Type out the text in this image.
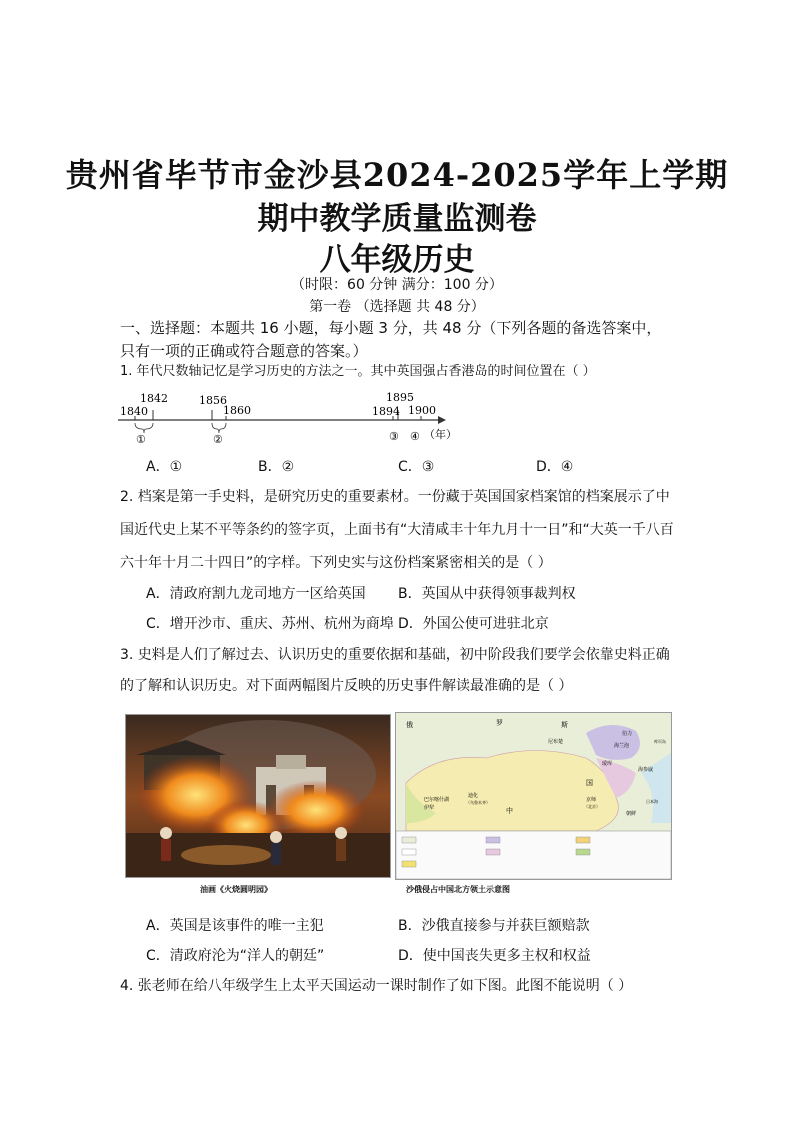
贵州省毕节市金沙县2024-2025学年上学期
期中教学质量监测卷
八年级历史
（时限：60 分钟 满分：100 分）
第一卷 （选择题 共 48 分）
一、选择题：本题共 16 小题，每小题 3 分，共 48 分（下列各题的备选答案中，
只有一项的正确或符合题意的答案。）
1. 年代尺数轴记忆是学习历史的方法之一。其中英国强占香港岛的时间位置在（ ）
1842	1856	1895
1840	1860	1894 1900
①	②	③ ④ （年）
A．①	B．②	C．③	D．④
2. 档案是第一手史料，是研究历史的重要素材。一份藏于英国国家档案馆的档案展示了中
国近代史上某不平等条约的签字页，上面书有“大清咸丰十年九月十一日”和“大英一千八百
六十年十月二十四日”的字样。下列史实与这份档案紧密相关的是（ ）
A．清政府割九龙司地方一区给英国 B．英国从中获得领事裁判权
C．增开沙市、重庆、苏州、杭州为商埠 D．外国公使可进驻北京
3. 史料是人们了解过去、认识历史的重要依据和基础，初中阶段我们要学会依靠史料正确
的了解和认识历史。对下面两幅图片反映的历史事件解读最准确的是（ ）
油画《火烧圆明园》
俄	罗	斯
尼布楚
海兰泡
瑷珲
伯力
海参崴
巴尔喀什湖
迪化
伊犁
（乌鲁木齐）
中
国
京师
（北京）
朝鲜
日本海
库页岛
沙俄侵占中国北方领土示意图
A．英国是该事件的唯一主犯	B．沙俄直接参与并获巨额赔款
C．清政府沦为“洋人的朝廷”	D．使中国丧失更多主权和权益
4. 张老师在给八年级学生上太平天国运动一课时制作了如下图。此图不能说明（ ）
